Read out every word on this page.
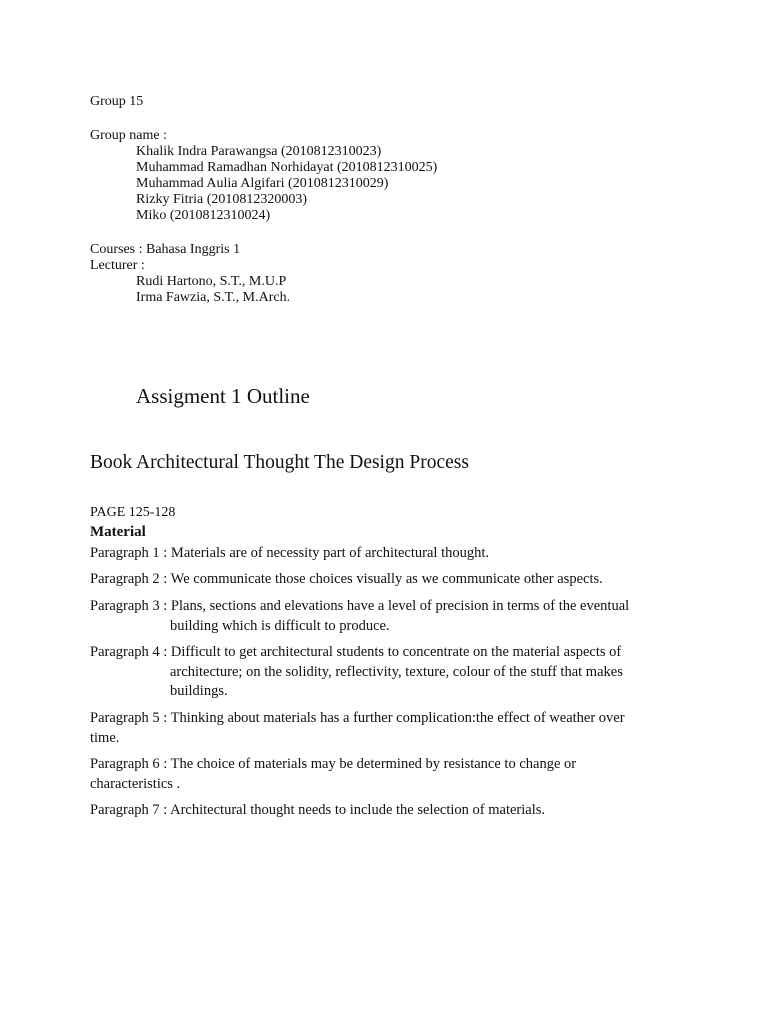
Group 15
Group name :
Khalik Indra Parawangsa (2010812310023)
Muhammad Ramadhan Norhidayat (2010812310025)
Muhammad Aulia Algifari (2010812310029)
Rizky Fitria (2010812320003)
Miko (2010812310024)
Courses : Bahasa Inggris 1
Lecturer :
Rudi Hartono, S.T., M.U.P
Irma Fawzia, S.T., M.Arch.
Assigment 1 Outline
Book Architectural Thought The Design Process
PAGE 125-128
Material
Paragraph 1 : Materials are of necessity part of architectural thought.
Paragraph 2 : We communicate those choices visually as we communicate other aspects.
Paragraph 3 : Plans, sections and elevations have a level of precision in terms of the eventual
building which is difficult to produce.
Paragraph 4 : Difficult to get architectural students to concentrate on the material aspects of
architecture; on the solidity, reflectivity, texture, colour of the stuff that makes
buildings.
Paragraph 5 : Thinking about materials has a further complication:the effect of weather over
time.
Paragraph 6 : The choice of materials may be determined by resistance to change or
characteristics .
Paragraph 7 : Architectural thought needs to include the selection of materials.
